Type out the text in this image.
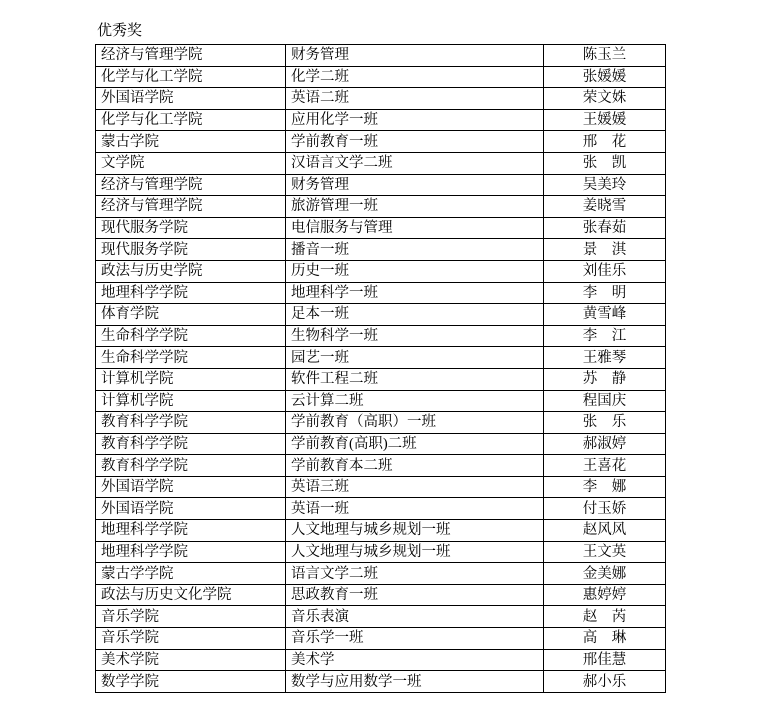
优秀奖
经济与管理学院	财务管理	陈玉兰
化学与化工学院	化学二班	张媛媛
外国语学院	英语二班	荣文姝
化学与化工学院	应用化学一班	王媛媛
蒙古学院	学前教育一班	邢　花
文学院	汉语言文学二班	张　凯
经济与管理学院	财务管理	吴美玲
经济与管理学院	旅游管理一班	姜晓雪
现代服务学院	电信服务与管理	张春茹
现代服务学院	播音一班	景　淇
政法与历史学院	历史一班	刘佳乐
地理科学学院	地理科学一班	李　明
体育学院	足本一班	黄雪峰
生命科学学院	生物科学一班	李　江
生命科学学院	园艺一班	王雅琴
计算机学院	软件工程二班	苏　静
计算机学院	云计算二班	程国庆
教育科学学院	学前教育（高职）一班	张　乐
教育科学学院	学前教育(高职)二班	郝淑婷
教育科学学院	学前教育本二班	王喜花
外国语学院	英语三班	李　娜
外国语学院	英语一班	付玉娇
地理科学学院	人文地理与城乡规划一班	赵风风
地理科学学院	人文地理与城乡规划一班	王文英
蒙古学学院	语言文学二班	金美娜
政法与历史文化学院	思政教育一班	惠婷婷
音乐学院	音乐表演	赵　芮
音乐学院	音乐学一班	高　琳
美术学院	美术学	邢佳慧
数学学院	数学与应用数学一班	郝小乐
